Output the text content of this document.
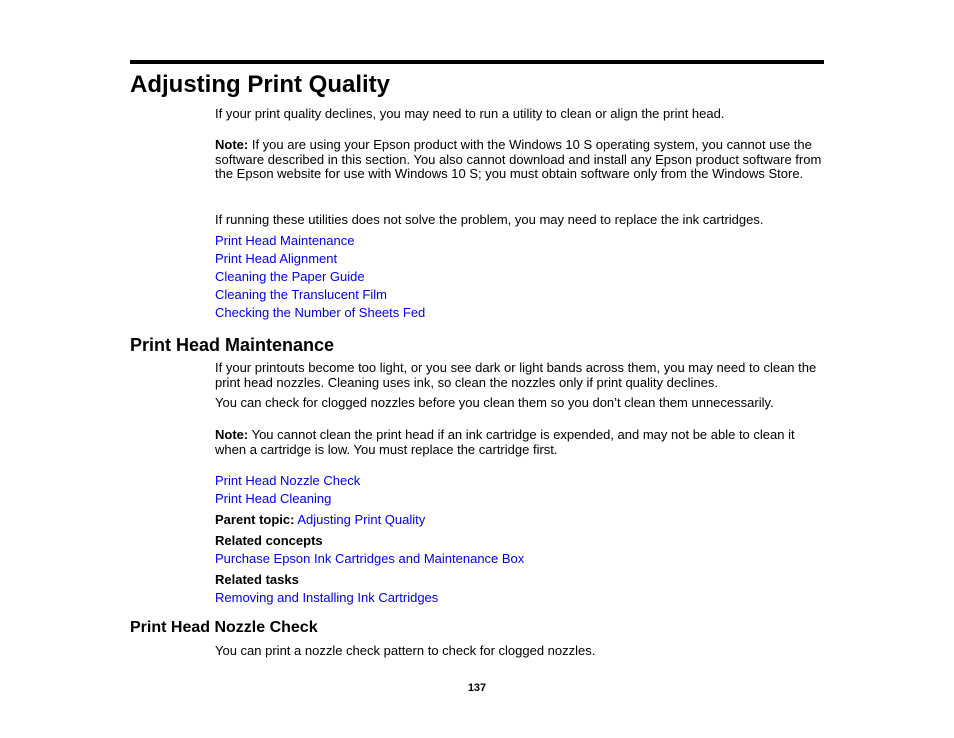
Adjusting Print Quality
If your print quality declines, you may need to run a utility to clean or align the print head.
Note: If you are using your Epson product with the Windows 10 S operating system, you cannot use the software described in this section. You also cannot download and install any Epson product software from the Epson website for use with Windows 10 S; you must obtain software only from the Windows Store.
If running these utilities does not solve the problem, you may need to replace the ink cartridges.
Print Head Maintenance
Print Head Alignment
Cleaning the Paper Guide
Cleaning the Translucent Film
Checking the Number of Sheets Fed
Print Head Maintenance
If your printouts become too light, or you see dark or light bands across them, you may need to clean the print head nozzles. Cleaning uses ink, so clean the nozzles only if print quality declines.
You can check for clogged nozzles before you clean them so you don’t clean them unnecessarily.
Note: You cannot clean the print head if an ink cartridge is expended, and may not be able to clean it when a cartridge is low. You must replace the cartridge first.
Print Head Nozzle Check
Print Head Cleaning
Parent topic: Adjusting Print Quality
Related concepts
Purchase Epson Ink Cartridges and Maintenance Box
Related tasks
Removing and Installing Ink Cartridges
Print Head Nozzle Check
You can print a nozzle check pattern to check for clogged nozzles.
137
